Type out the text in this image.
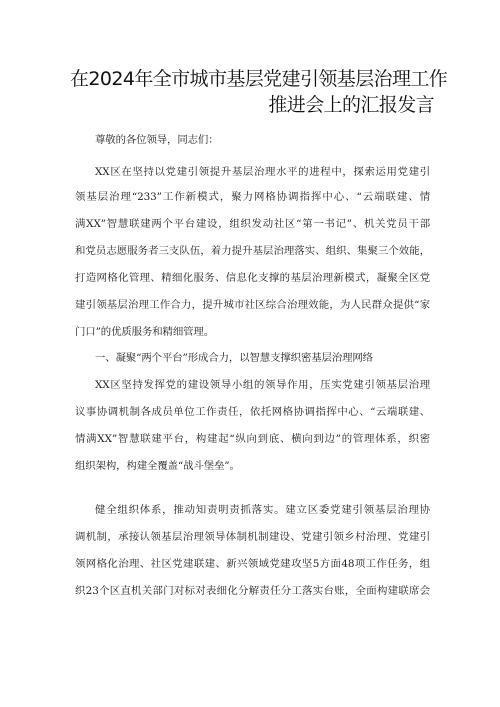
在2024年全市城市基层党建引领基层治理工作
推进会上的汇报发言
尊敬的各位领导，同志们：
XX区在坚持以党建引领提升基层治理水平的进程中，探索运用党建引
领基层治理“233”工作新模式，聚力网格协调指挥中心、“云端联建、情
满XX”智慧联建两个平台建设，组织发动社区“第一书记”、机关党员干部
和党员志愿服务者三支队伍，着力提升基层治理落实、组织、集聚三个效能，
打造网格化管理、精细化服务、信息化支撑的基层治理新模式，凝聚全区党
建引领基层治理工作合力，提升城市社区综合治理效能，为人民群众提供“家
门口”的优质服务和精细管理。
一、凝聚“两个平台”形成合力，以智慧支撑织密基层治理网络
XX区坚持发挥党的建设领导小组的领导作用，压实党建引领基层治理
议事协调机制各成员单位工作责任，依托网格协调指挥中心、“云端联建、
情满XX”智慧联建平台，构建起“纵向到底、横向到边”的管理体系，织密
组织架构，构建全覆盖“战斗堡垒”。
健全组织体系，推动知责明责抓落实。建立区委党建引领基层治理协
调机制，承接认领基层治理领导体制机制建设、党建引领乡村治理、党建引
领网格化治理、社区党建联建、新兴领域党建攻坚5方面48项工作任务，组
织23个区直机关部门对标对表细化分解责任分工落实台账，全面构建联席会
